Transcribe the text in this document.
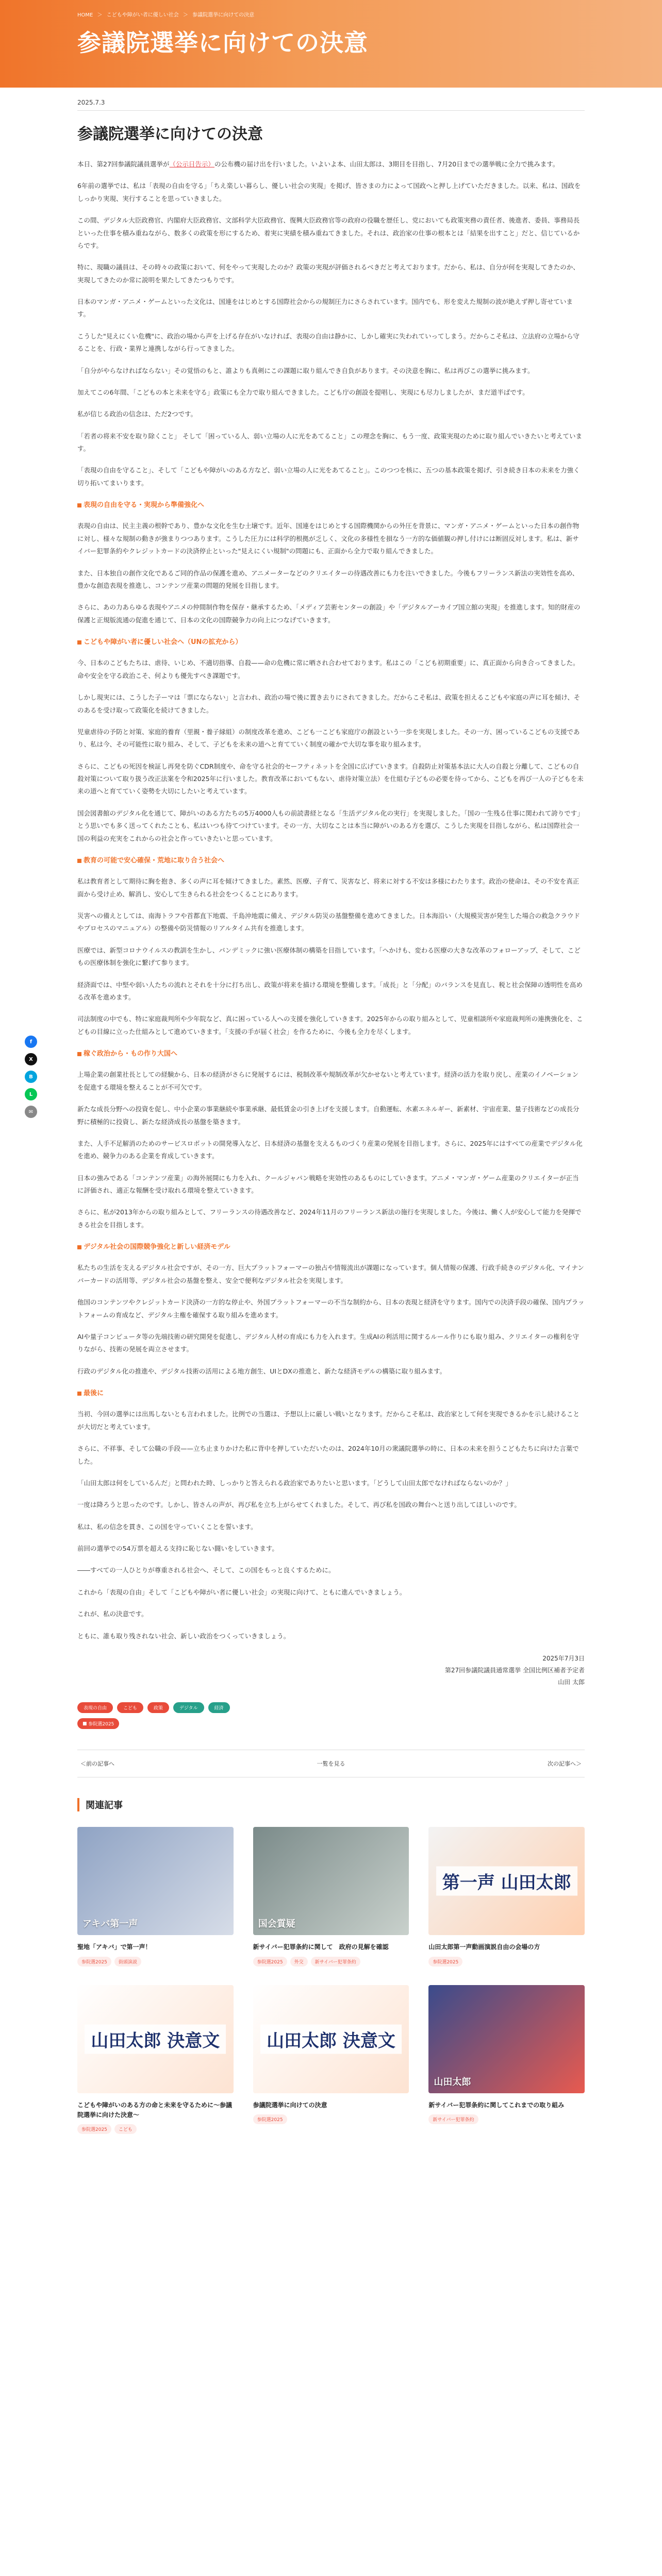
HOME ＞ こどもや障がい者に優しい社会 ＞ 参議院選挙に向けての決意
参議院選挙に向けての決意
f
X
B
L
✉
2025.7.3
参議院選挙に向けての決意

本日、第27回参議院議員選挙が（公示日告示）の公布機の届け出を行いました。いよいよ本、山田太郎は、3期目を目指し、7月20日までの選挙戦に全力で挑みます。

6年前の選挙では、私は「表現の自由を守る」「ちえ楽しい暮らし、優しい社会の実現」を掲げ、皆さまの力によって国政へと押し上げていただきました。以来、私は、国政をしっかり実現、実行することを思っていきました。

この間、デジタル大臣政務官、内閣府大臣政務官、文部科学大臣政務官、復興大臣政務官等の政府の役職を歴任し、党においても政策実務の責任者、後進者、委員、事務局長といった仕事を積み重ねながら、数多くの政策を形にするため、着実に実績を積み重ねてきました。それは、政治家の仕事の根本とは「結果を出すこと」だと、信じているからです。

特に、現職の議員は、その時々の政策において、何をやって実現したのか？政策の実現が評価されるべきだと考えております。だから、私は、自分が何を実現してきたのか、実現してきたのか常に説明を果たしてきたつもりです。

日本のマンガ・アニメ・ゲームといった文化は、国連をはじめとする国際社会からの規制圧力にさらされています。国内でも、形を変えた規制の波が絶えず押し寄せています。

こうした"見えにくい危機"に、政治の場から声を上げる存在がいなければ、表現の自由は静かに、しかし確実に失われていってしまう。だからこそ私は、立法府の立場から守ることを、行政・業界と連携しながら行ってきました。

「自分がやらなければならない」その覚悟のもと、誰よりも真剣にこの課題に取り組んでき自負があります。その決意を胸に、私は再びこの選挙に挑みます。

加えてこの6年間、「こどもの本と未来を守る」政策にも全力で取り組んできました。こども庁の創設を提唱し、実現にも尽力しましたが、まだ道半ばです。

私が信じる政治の信念は、ただ2つです。

「若者の将来不安を取り除くこと」 そして「困っている人、弱い立場の人に光をあてること」この理念を胸に、もう一度、政策実現のために取り組んでいきたいと考えています。

「表現の自由を守ること」、そして「こどもや障がいのある方など、弱い立場の人に光をあてること」。このつつを核に、五つの基本政策を掲げ、引き続き日本の未来を力強く切り拓いてまいります。

表現の自由を守る・実現から準備強化へ

表現の自由は、民主主義の根幹であり、豊かな文化を生む土壌です。近年、国連をはじめとする国際機関からの外圧を背景に、マンガ・アニメ・ゲームといった日本の創作物に対し、様々な規制の動きが強まりつつあります。こうした圧力には科学的根拠が乏しく、文化の多様性を損なう一方的な価値観の押し付けには断固反対します。私は、新サイバー犯罪条約やクレジットカードの決済停止といった"見えにくい規制"の問題にも、正面から全力で取り組んできました。

また、日本独自の創作文化であるご同的作品の保護を進め、アニメーターなどのクリエイターの待遇改善にも力を注いできました。今後もフリーランス新法の実効性を高め、豊かな創造表現を推進し、コンテンツ産業の問題的発展を目指します。

さらに、あの力あらゆる表現やアニメの仲間制作物を保存・継承するため、「メディア芸術センターの創設」や「デジタルアーカイブ国立館の実現」を推進します。知的財産の保護と正規版流通の促進を通じて、日本の文化の国際競争力の向上につなげていきます。

こどもや障がい者に優しい社会へ（UNの拡充から）

今、日本のこどもたちは、虐待、いじめ、不適切指導、自殺——命の危機に常に晒され合わせております。私はこの「こども初期重要」に、真正面から向き合ってきました。命や安全を守る政治こそ、何よりも優先すべき課題です。

しかし現実には、こうした子ーマは「票にならない」と言われ、政治の場で後に置き去りにされてきました。だからこそ私は、政策を担えるこどもや家庭の声に耳を傾け、そのあるを受け取って政策化を続けてきました。

児童虐待の予防と対策、家庭的養育（里親・養子縁組）の制度改革を進め、こども一こども家庭庁の創設という一歩を実現しました。その一方、困っているこどもの支援であり、私は今、その可能性に取り組み、そして、子どもを未来の道へと育てていく制度の確かで大切な事を取り組みます。

さらに、こどもの死因を検証し再発を防ぐCDR制度や、命を守る社会的セーフティネットを全国に広げていきます。自殺防止対策基本法に大人の自殺と分離して、こどもの自殺対策について取り扱う改正法案を令和2025年に行いました。教育改革においてもない、虐待対策立法）を仕組む子どもの必要を待ってから、こどもを再び一人の子どもを未来の道へと育てていく姿勢を大切にしたいと考えています。

国会図書館のデジタル化を通じて、障がいのある方たちの5万4000人もの前読書経となる「生活デジタル化の実行」を実現しました。「国の一生残る仕事に関われて誇りです」とう思いでも多く送ってくれたことも、私はいつも待てつけています。その一方、大切なことは本当に障がいのある方を選び、こうした実現を目指しながら、私は国際社会一国の利益の充実をこれからの社会と作っていきたいと思っています。

教育の可能で安心確保・荒地に取り合う社会へ

私は教育者として期待に胸を抱き、多くの声に耳を傾けてきました。素然、医療、子育て、災害など、将来に対する不安は多様にわたります。政治の使命は、その不安を真正面から受け止め、解消し、安心して生きられる社会をつくることにあります。

災害への備えとしては、南海トラフや首都直下地震、千島沖地震に備え、デジタル防災の基盤整備を進めてきました。日本海沿い（大規模災害が発生した場合の救急クラウドやプロセスのマニュアル）の整備や防災情報のリアルタイム共有を推進します。

医療では、新型コロナウイルスの教訓を生かし、パンデミックに強い医療体制の構築を目指しています。「へかけも、変わる医療の大きな改革のフォローアップ、そして、こどもの医療体制を強化に繋げて参ります。

経済面では、中堅や弱い人たちの流れとそれを十分に打ち出し、政策が将来を描ける環境を整備します。「成長」と「分配」のバランスを見直し、税と社会保障の透明性を高める改革を進めます。

司法制度の中でも、特に家庭裁判所や少年院など、真に困っている人への支援を強化していきます。2025年からの取り組みとして、児童相談所や家庭裁判所の連携強化を、こどもの目線に立った仕組みとして進めていきます。「支援の手が届く社会」を作るために、今後も全力を尽くします。

稼ぐ政治から・もの作り大国へ

上場企業の創業社長としての経験から、日本の経済がさらに発展するには、税制改革や規制改革が欠かせないと考えています。経済の活力を取り戻し、産業のイノベーションを促進する環境を整えることが不可欠です。

新たな成長分野への投資を促し、中小企業の事業継続や事業承継、最低賃金の引き上げを支援します。自動運転、水素エネルギー、新素材、宇宙産業、量子技術などの成長分野に積極的に投資し、新たな経済成長の基盤を築きます。

また、人手不足解消のためのサービスロボットの開発導入など、日本経済の基盤を支えるものづくり産業の発展を目指します。さらに、2025年にはすべての産業でデジタル化を進め、競争力のある企業を育成していきます。

日本の強みである「コンテンツ産業」の海外展開にも力を入れ、クールジャパン戦略を実効性のあるものにしていきます。アニメ・マンガ・ゲーム産業のクリエイターが正当に評価され、適正な報酬を受け取れる環境を整えていきます。

さらに、私が2013年からの取り組みとして、フリーランスの待遇改善など、2024年11月のフリーランス新法の施行を実現しました。今後は、働く人が安心して能力を発揮できる社会を目指します。

デジタル社会の国際競争強化と新しい経済モデル

私たちの生活を支えるデジタル社会ですが、その一方、巨大プラットフォーマーの独占や情報流出が課題になっています。個人情報の保護、行政手続きのデジタル化、マイナンバーカードの活用等、デジタル社会の基盤を整え、安全で便利なデジタル社会を実現します。

他国のコンテンツやクレジットカード決済の一方的な停止や、外国プラットフォーマーの不当な制約から、日本の表現と経済を守ります。国内での決済手段の確保、国内プラットフォームの育成など、デジタル主権を確保する取り組みを進めます。

AIや量子コンピュータ等の先端技術の研究開発を促進し、デジタル人材の育成にも力を入れます。生成AIの利活用に関するルール作りにも取り組み、クリエイターの権利を守りながら、技術の発展を両立させます。

行政のデジタル化の推進や、デジタル技術の活用による地方創生、UIとDXの推進と、新たな経済モデルの構築に取り組みます。

最後に

当初、今回の選挙には出馬しないとも言われました。比例での当選は、予想以上に厳しい戦いとなります。だからこそ私は、政治家として何を実現できるかを示し続けることが大切だと考えています。

さらに、不祥事、そして公職の手段——立ち止まりかけた私に背中を押していただいたのは、2024年10月の衆議院選挙の時に、日本の未来を担うこどもたちに向けた言葉でした。

「山田太郎は何をしているんだ」と問われた時、しっかりと答えられる政治家でありたいと思います。「どうして山田太郎でなければならないのか？」

一度は降ろうと思ったのです。しかし、皆さんの声が、再び私を立ち上がらせてくれました。そして、再び私を国政の舞台へと送り出してほしいのです。

私は、私の信念を貫き、この国を守っていくことを誓います。

前回の選挙での54万票を超える支持に恥じない闘いをしていきます。

――すべての一人ひとりが尊重される社会へ、そして、この国をもっと良くするために。

これから「表現の自由」そして「こどもや障がい者に優しい社会」の実現に向けて、ともに進んでいきましょう。

これが、私の決意です。

ともに、誰も取り残されない社会、新しい政治をつくっていきましょう。

2025年7月3日
第27回参議院議員通常選挙 全国比例区補者予定者
山田 太郎
表現の自由	こども	政策	デジタル	経済
■ 参院選2025
＜前の記事へ	一覧を見る	次の記事へ＞
関連記事
アキバ第一声
聖地「アキバ」で第一声！
参院選2025	街頭演説
国会質疑
新サイバー犯罪条約に関して　政府の見解を確認
参院選2025	外交	新サイバー犯罪条約
第一声 山田太郎
山田太郎第一声動画演説自由の会場の方
参院選2025
山田太郎 決意文
こどもや障がいのある方の命と未来を守るために～参議院選挙に向けた決意～
参院選2025	こども
山田太郎 決意文
参議院選挙に向けての決意
参院選2025
山田太郎
新サイバー犯罪条約に関してこれまでの取り組み
新サイバー犯罪条約
